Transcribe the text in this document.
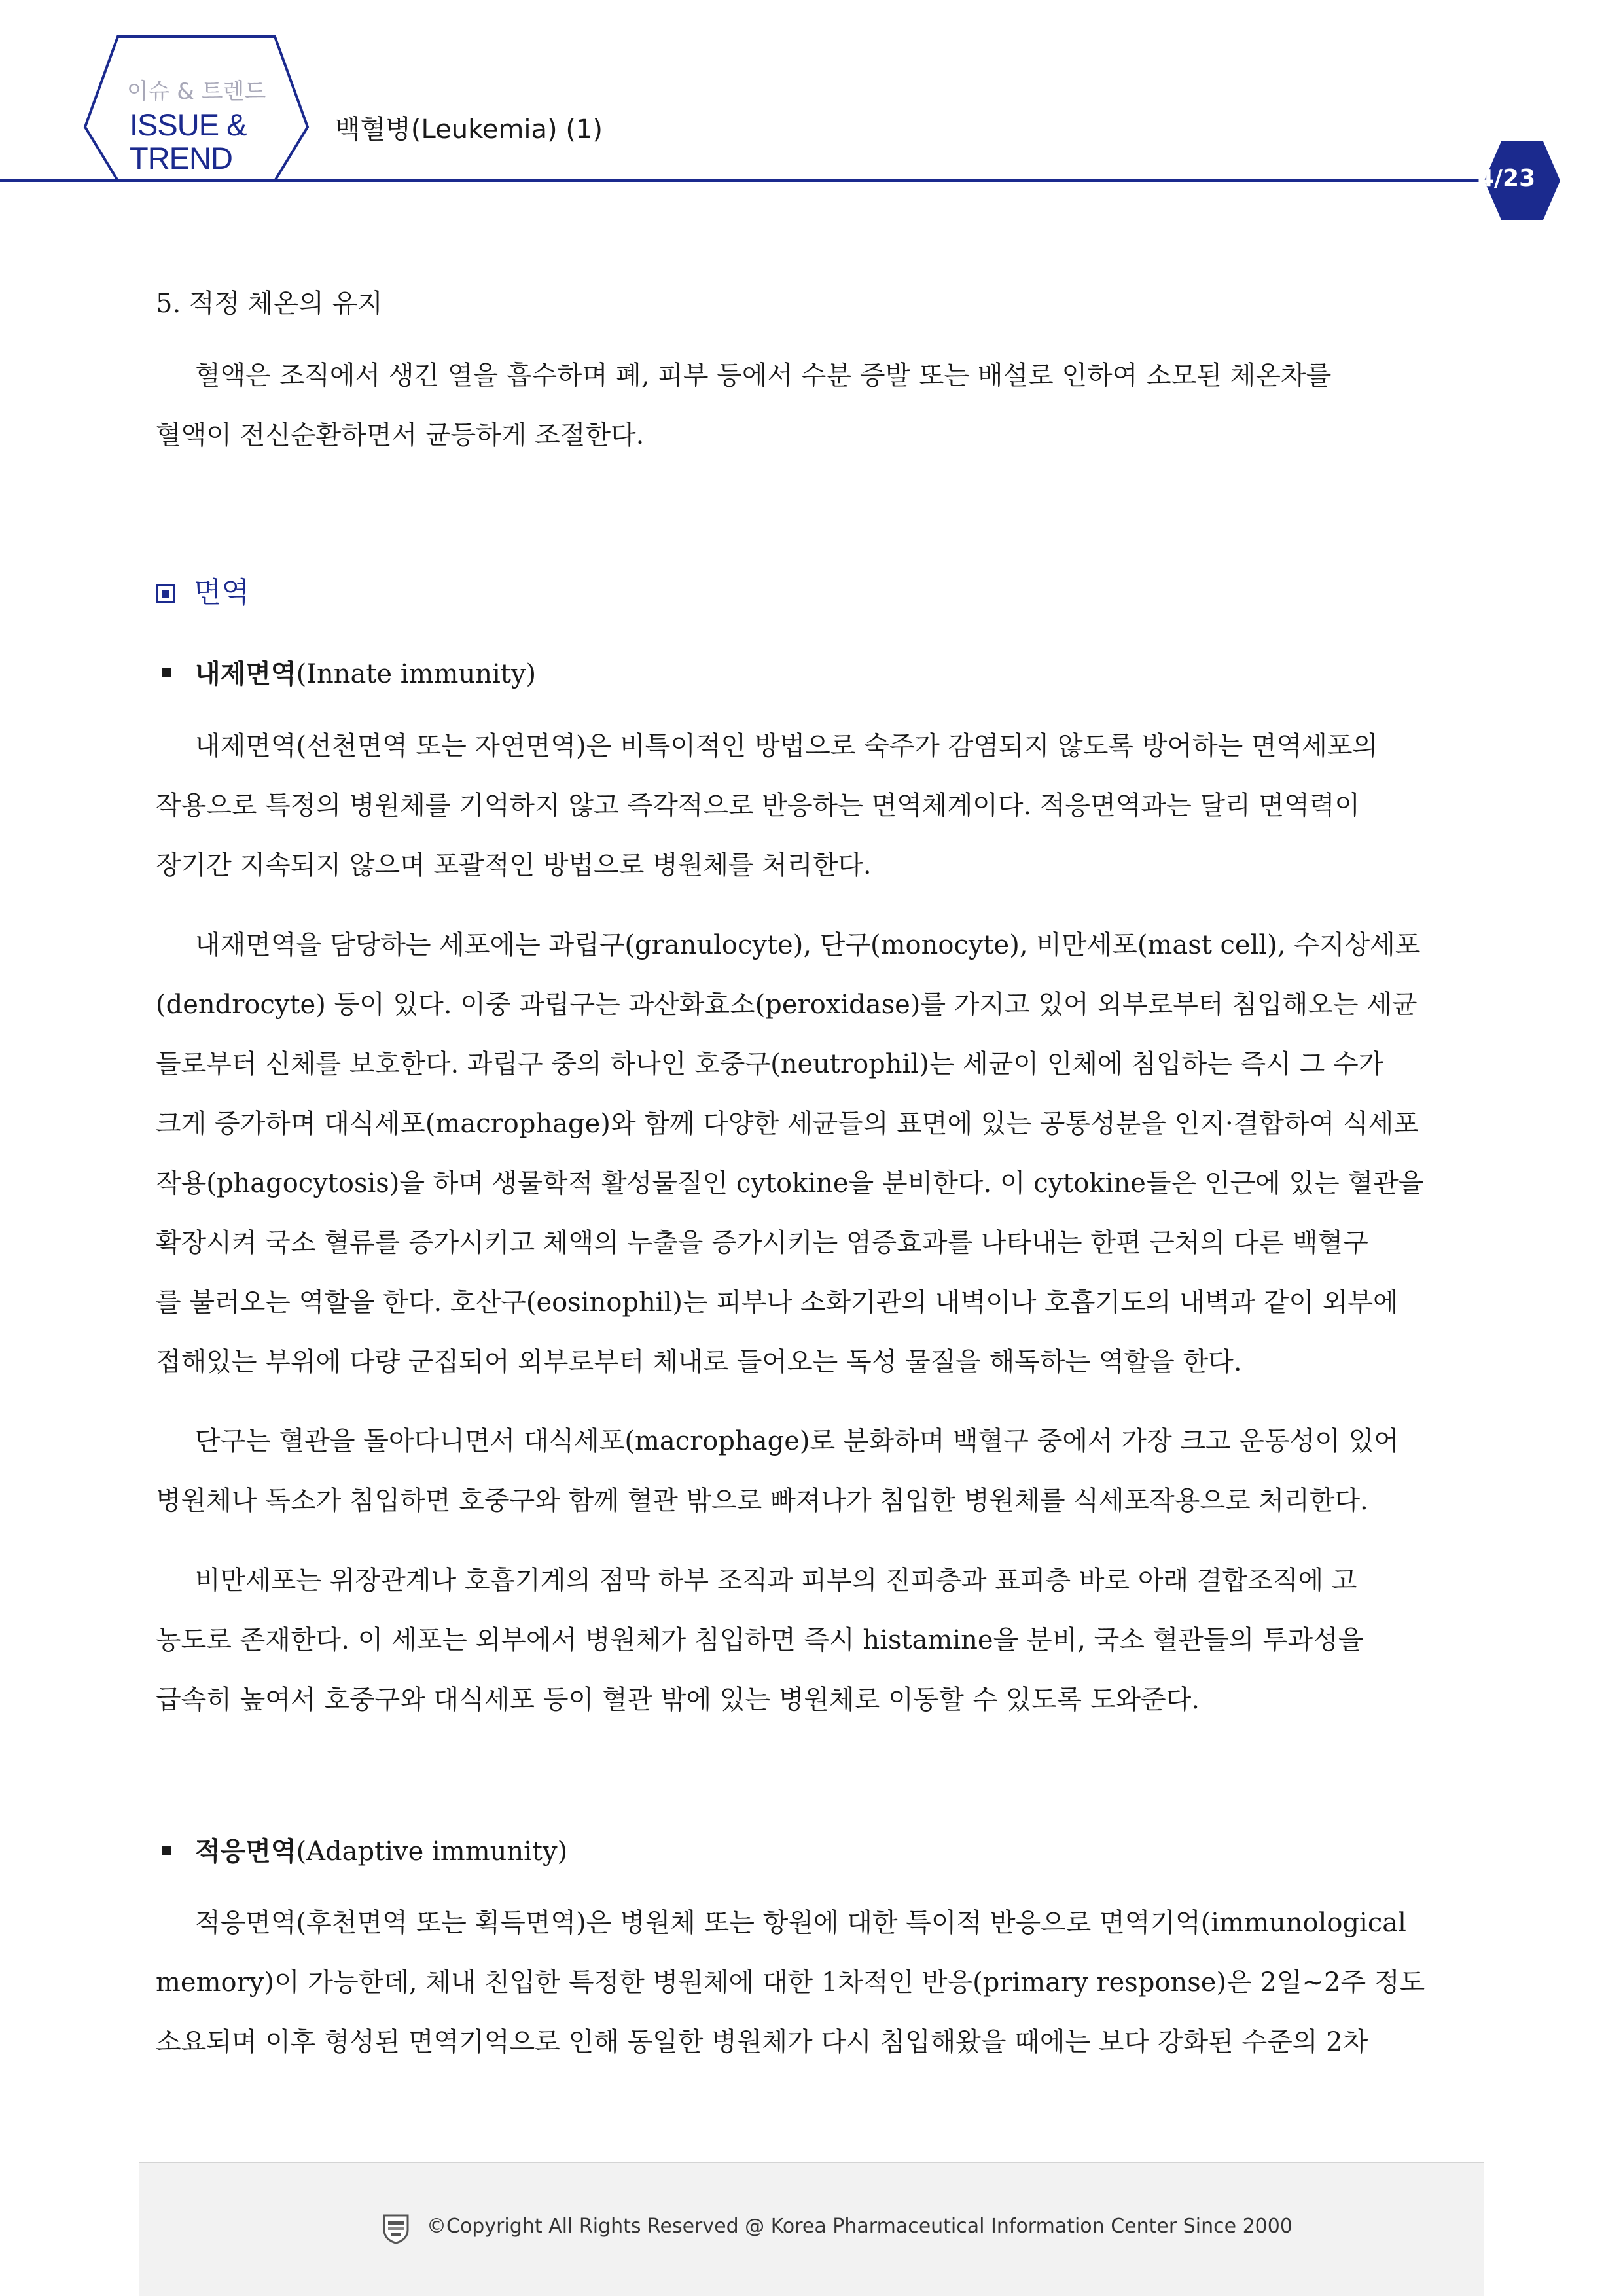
이슈 & 트렌드
ISSUE &
TREND
백혈병(Leukemia) (1)
4/23
5. 적정 체온의 유지
혈액은 조직에서 생긴 열을 흡수하며 폐, 피부 등에서 수분 증발 또는 배설로 인하여 소모된 체온차를
혈액이 전신순환하면서 균등하게 조절한다.
면역
내제면역(Innate immunity)
내제면역(선천면역 또는 자연면역)은 비특이적인 방법으로 숙주가 감염되지 않도록 방어하는 면역세포의
작용으로 특정의 병원체를 기억하지 않고 즉각적으로 반응하는 면역체계이다. 적응면역과는 달리 면역력이
장기간 지속되지 않으며 포괄적인 방법으로 병원체를 처리한다.
내재면역을 담당하는 세포에는 과립구(granulocyte), 단구(monocyte), 비만세포(mast cell), 수지상세포
(dendrocyte) 등이 있다. 이중 과립구는 과산화효소(peroxidase)를 가지고 있어 외부로부터 침입해오는 세균
들로부터 신체를 보호한다. 과립구 중의 하나인 호중구(neutrophil)는 세균이 인체에 침입하는 즉시 그 수가
크게 증가하며 대식세포(macrophage)와 함께 다양한 세균들의 표면에 있는 공통성분을 인지·결합하여 식세포
작용(phagocytosis)을 하며 생물학적 활성물질인 cytokine을 분비한다. 이 cytokine들은 인근에 있는 혈관을
확장시켜 국소 혈류를 증가시키고 체액의 누출을 증가시키는 염증효과를 나타내는 한편 근처의 다른 백혈구
를 불러오는 역할을 한다. 호산구(eosinophil)는 피부나 소화기관의 내벽이나 호흡기도의 내벽과 같이 외부에
접해있는 부위에 다량 군집되어 외부로부터 체내로 들어오는 독성 물질을 해독하는 역할을 한다.
단구는 혈관을 돌아다니면서 대식세포(macrophage)로 분화하며 백혈구 중에서 가장 크고 운동성이 있어
병원체나 독소가 침입하면 호중구와 함께 혈관 밖으로 빠져나가 침입한 병원체를 식세포작용으로 처리한다.
비만세포는 위장관계나 호흡기계의 점막 하부 조직과 피부의 진피층과 표피층 바로 아래 결합조직에 고
농도로 존재한다. 이 세포는 외부에서 병원체가 침입하면 즉시 histamine을 분비, 국소 혈관들의 투과성을
급속히 높여서 호중구와 대식세포 등이 혈관 밖에 있는 병원체로 이동할 수 있도록 도와준다.
적응면역(Adaptive immunity)
적응면역(후천면역 또는 획득면역)은 병원체 또는 항원에 대한 특이적 반응으로 면역기억(immunological
memory)이 가능한데, 체내 친입한 특정한 병원체에 대한 1차적인 반응(primary response)은 2일∼2주 정도
소요되며 이후 형성된 면역기억으로 인해 동일한 병원체가 다시 침입해왔을 때에는 보다 강화된 수준의 2차
©Copyright All Rights Reserved @ Korea Pharmaceutical Information Center Since 2000
